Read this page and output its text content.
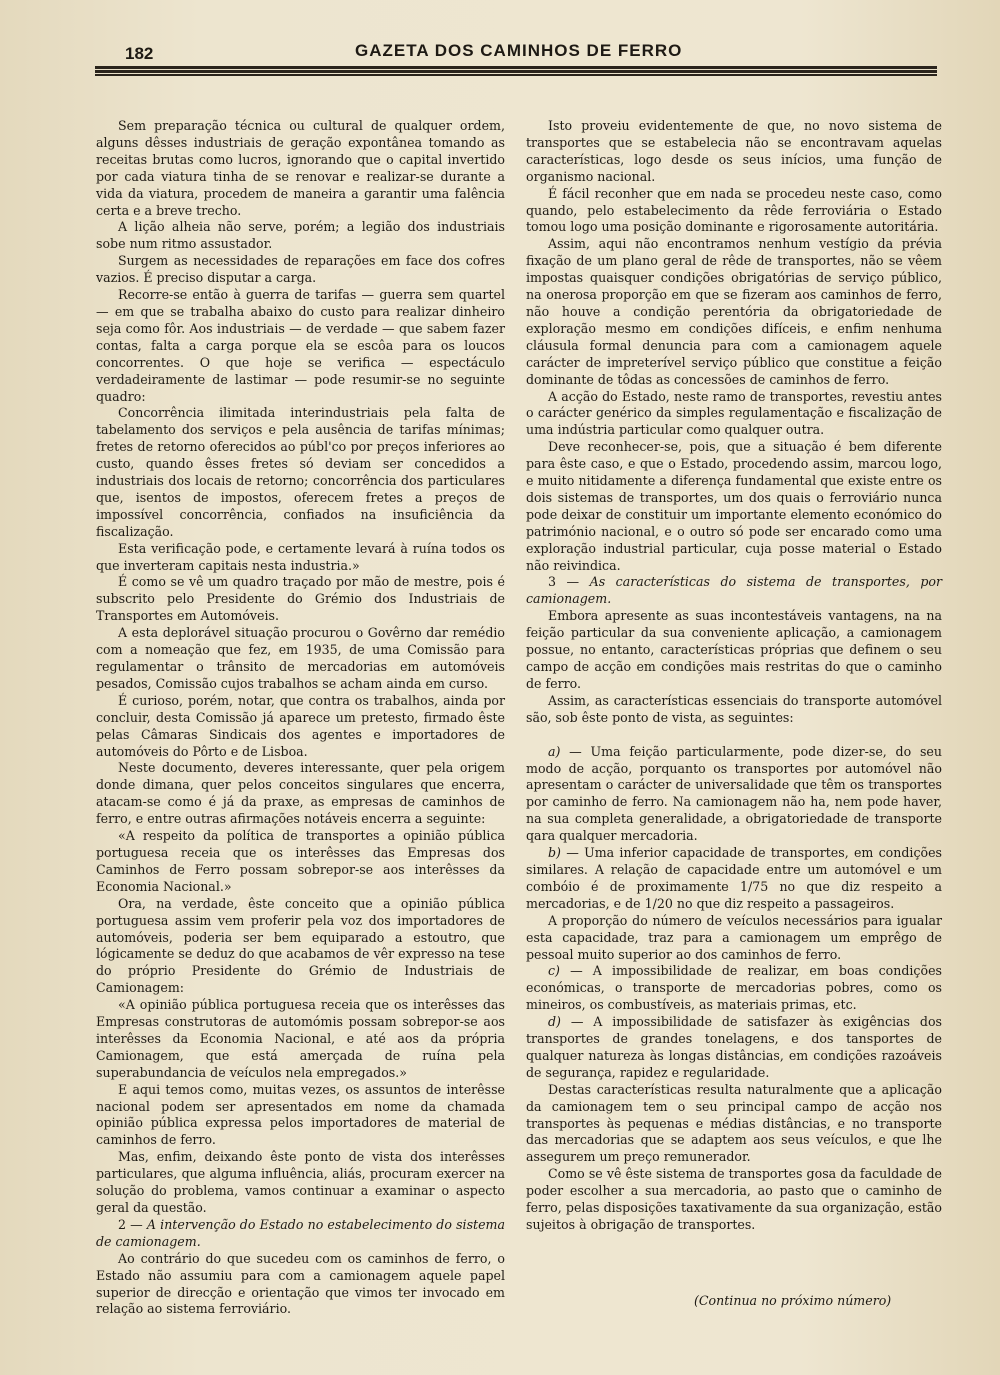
182	GAZETA DOS CAMINHOS DE FERRO

Sem preparação técnica ou cultural de qualquer ordem, alguns dêsses industriais de geração expontânea tomando as receitas brutas como lucros, ignorando que o capital invertido por cada viatura tinha de se renovar e realizar-se durante a vida da viatura, procedem de maneira a garantir uma falência certa e a breve trecho.

A lição alheia não serve, porém; a legião dos industriais sobe num ritmo assustador.

Surgem as necessidades de reparações em face dos cofres vazios. É preciso disputar a carga.

Recorre-se então à guerra de tarifas — guerra sem quartel — em que se trabalha abaixo do custo para realizar dinheiro seja como fôr. Aos industriais — de verdade — que sabem fazer contas, falta a carga porque ela se escôa para os loucos concorrentes. O que hoje se verifica — espectáculo verdadeiramente de lastimar — pode resumir-se no seguinte quadro:

Concorrência ilimitada interindustriais pela falta de tabelamento dos serviços e pela ausência de tarifas mínimas; fretes de retorno oferecidos ao públ'co por preços inferiores ao custo, quando êsses fretes só deviam ser concedidos a industriais dos locais de retorno; concorrência dos particulares que, isentos de impostos, oferecem fretes a preços de impossível concorrência, confiados na insuficiência da fiscalização.

Esta verificação pode, e certamente levará à ruína todos os que inverteram capitais nesta industria.»

É como se vê um quadro traçado por mão de mestre, pois é subscrito pelo Presidente do Grémio dos Industriais de Transportes em Automóveis.

A esta deplorável situação procurou o Govêrno dar remédio com a nomeação que fez, em 1935, de uma Comissão para regulamentar o trânsito de mercadorias em automóveis pesados, Comissão cujos trabalhos se acham ainda em curso.

É curioso, porém, notar, que contra os trabalhos, ainda por concluir, desta Comissão já aparece um pretesto, firmado êste pelas Câmaras Sindicais dos agentes e importadores de automóveis do Pôrto e de Lisboa.

Neste documento, deveres interessante, quer pela origem donde dimana, quer pelos conceitos singulares que encerra, atacam-se como é já da praxe, as empresas de caminhos de ferro, e entre outras afirmações notáveis encerra a seguinte:

«A respeito da política de transportes a opinião pública portuguesa receia que os interêsses das Empresas dos Caminhos de Ferro possam sobrepor-se aos interêsses da Economia Nacional.»

Ora, na verdade, êste conceito que a opinião pública portuguesa assim vem proferir pela voz dos importadores de automóveis, poderia ser bem equiparado a estoutro, que lógicamente se deduz do que acabamos de vêr expresso na tese do próprio Presidente do Grémio de Industriais de Camionagem:

«A opinião pública portuguesa receia que os interêsses das Empresas construtoras de automómis possam sobrepor-se aos interêsses da Economia Nacional, e até aos da própria Camionagem, que está amerçada de ruína pela superabundancia de veículos nela empregados.»

E aqui temos como, muitas vezes, os assuntos de interêsse nacional podem ser apresentados em nome da chamada opinião pública expressa pelos importadores de material de caminhos de ferro.

Mas, enfim, deixando êste ponto de vista dos interêsses particulares, que alguma influência, aliás, procuram exercer na solução do problema, vamos continuar a examinar o aspecto geral da questão.

2 — A intervenção do Estado no estabelecimento do sistema de camionagem.

Ao contrário do que sucedeu com os caminhos de ferro, o Estado não assumiu para com a camionagem aquele papel superior de direcção e orientação que vimos ter invocado em relação ao sistema ferroviário.

Isto proveiu evidentemente de que, no novo sistema de transportes que se estabelecia não se encontravam aquelas características, logo desde os seus inícios, uma função de organismo nacional.

É fácil reconher que em nada se procedeu neste caso, como quando, pelo estabelecimento da rêde ferroviária o Estado tomou logo uma posição dominante e rigorosamente autoritária.

Assim, aqui não encontramos nenhum vestígio da prévia fixação de um plano geral de rêde de transportes, não se vêem impostas quaisquer condições obrigatórias de serviço público, na onerosa proporção em que se fizeram aos caminhos de ferro, não houve a condição perentória da obrigatoriedade de exploração mesmo em condições difíceis, e enfim nenhuma cláusula formal denuncia para com a camionagem aquele carácter de impreterível serviço público que constitue a feição dominante de tôdas as concessões de caminhos de ferro.

A acção do Estado, neste ramo de transportes, revestiu antes o carácter genérico da simples regulamentação e fiscalização de uma indústria particular como qualquer outra.

Deve reconhecer-se, pois, que a situação é bem diferente para êste caso, e que o Estado, procedendo assim, marcou logo, e muito nitidamente a diferença fundamental que existe entre os dois sistemas de transportes, um dos quais o ferroviário nunca pode deixar de constituir um importante elemento económico do património nacional, e o outro só pode ser encarado como uma exploração industrial particular, cuja posse material o Estado não reivindica.

3 — As características do sistema de transportes, por camionagem.

Embora apresente as suas incontestáveis vantagens, na na feição particular da sua conveniente aplicação, a camionagem possue, no entanto, características próprias que definem o seu campo de acção em condições mais restritas do que o caminho de ferro.

Assim, as características essenciais do transporte automóvel são, sob êste ponto de vista, as seguintes:

a) — Uma feição particularmente, pode dizer-se, do seu modo de acção, porquanto os transportes por automóvel não apresentam o carácter de universalidade que têm os transportes por caminho de ferro. Na camionagem não ha, nem pode haver, na sua completa generalidade, a obrigatoriedade de transporte qara qualquer mercadoria.

b) — Uma inferior capacidade de transportes, em condições similares. A relação de capacidade entre um automóvel e um combóio é de proximamente 1/75 no que diz respeito a mercadorias, e de 1/20 no que diz respeito a passageiros.

A proporção do número de veículos necessários para igualar esta capacidade, traz para a camionagem um emprêgo de pessoal muito superior ao dos caminhos de ferro.

c) — A impossibilidade de realizar, em boas condições económicas, o transporte de mercadorias pobres, como os mineiros, os combustíveis, as materiais primas, etc.

d) — A impossibilidade de satisfazer às exigências dos transportes de grandes tonelagens, e dos tansportes de qualquer natureza às longas distâncias, em condições razoáveis de segurança, rapidez e regularidade.

Destas características resulta naturalmente que a aplicação da camionagem tem o seu principal campo de acção nos transportes às pequenas e médias distâncias, e no transporte das mercadorias que se adaptem aos seus veículos, e que lhe assegurem um preço remunerador.

Como se vê êste sistema de transportes gosa da faculdade de poder escolher a sua mercadoria, ao pasto que o caminho de ferro, pelas disposições taxativamente da sua organização, estão sujeitos à obrigação de transportes.

(Continua no próximo número)
